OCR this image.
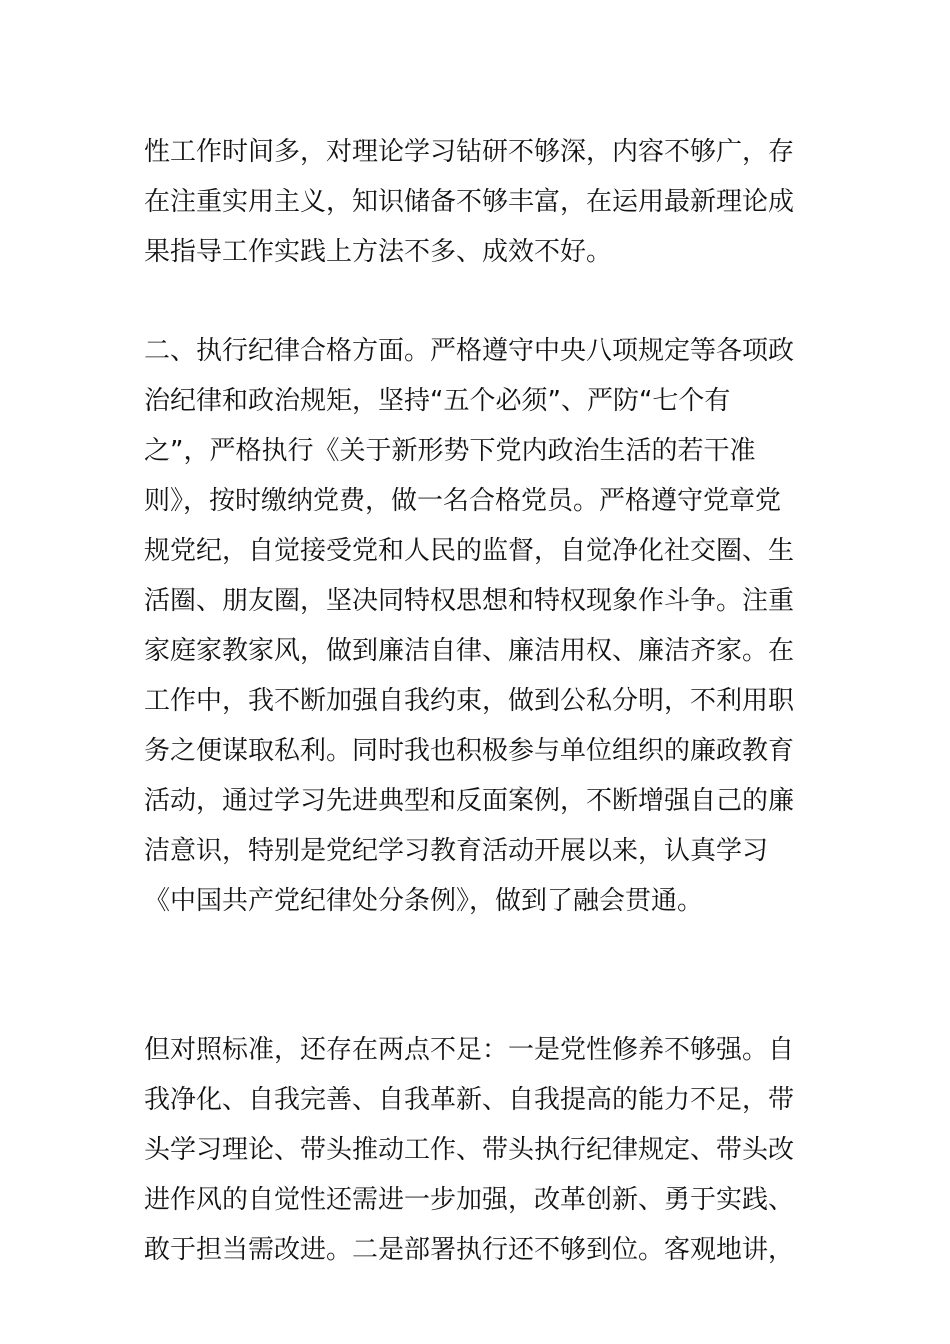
性工作时间多，对理论学习钻研不够深，内容不够广，存
在注重实用主义，知识储备不够丰富，在运用最新理论成
果指导工作实践上方法不多、成效不好。
二、执行纪律合格方面。严格遵守中央八项规定等各项政
治纪律和政治规矩，坚持“五个必须”、严防“七个有
之”，严格执行《关于新形势下党内政治生活的若干准
则》，按时缴纳党费，做一名合格党员。严格遵守党章党
规党纪，自觉接受党和人民的监督，自觉净化社交圈、生
活圈、朋友圈，坚决同特权思想和特权现象作斗争。注重
家庭家教家风，做到廉洁自律、廉洁用权、廉洁齐家。在
工作中，我不断加强自我约束，做到公私分明，不利用职
务之便谋取私利。同时我也积极参与单位组织的廉政教育
活动，通过学习先进典型和反面案例，不断增强自己的廉
洁意识，特别是党纪学习教育活动开展以来，认真学习
《中国共产党纪律处分条例》，做到了融会贯通。
但对照标准，还存在两点不足：一是党性修养不够强。自
我净化、自我完善、自我革新、自我提高的能力不足，带
头学习理论、带头推动工作、带头执行纪律规定、带头改
进作风的自觉性还需进一步加强，改革创新、勇于实践、
敢于担当需改进。二是部署执行还不够到位。客观地讲，
